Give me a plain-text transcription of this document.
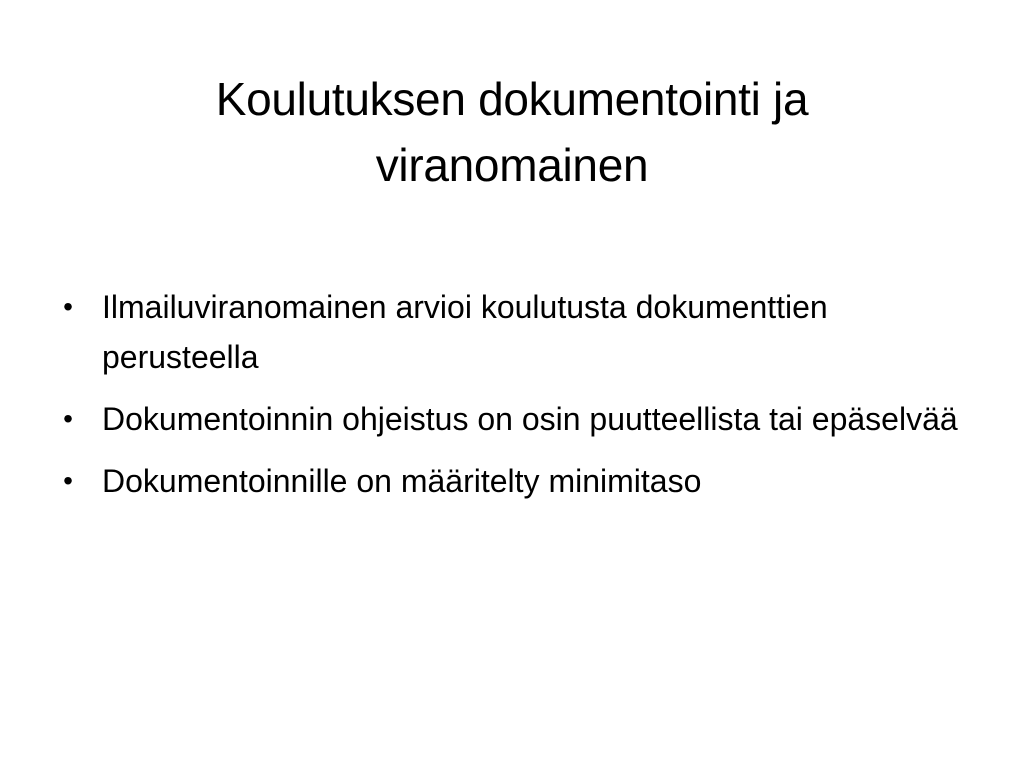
Koulutuksen dokumentointi ja viranomainen
• Ilmailuviranomainen arvioi koulutusta dokumenttien perusteella
• Dokumentoinnin ohjeistus on osin puutteellista tai epäselvää
• Dokumentoinnille on määritelty minimitaso
